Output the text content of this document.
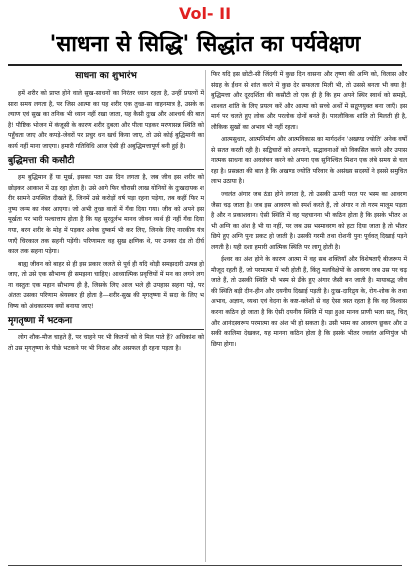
Vol- II
'साधना से सिद्धि' सिद्धांत का पर्यवेक्षण
साधना का शुभारंभ

हमें शरीर को प्राप्त होने वाले सुख-साधनों का निरंतर ध्यान रहता है, उन्हीं प्रयत्नों में सारा समय लगता है, पर जिस आत्मा का यह शरीर एक तुच्छ-सा वाहनमात्र है, उसके कल्याण एवं सुख का तनिक भी ध्यान नहीं रखा जाता, यह कैसी दुःख और आश्चर्य की बात है! पौष्टिक भोजन में कंजूसी के कारण शरीर दुबला और पीला पड़कर मरणासन्न स्थिति को पहुँचता जाए और कपड़े-जेवरों पर प्रचुर धन खर्च किया जाए, तो उसे कोई बुद्धिमानी का कार्य नहीं माना जाएगा। हमारी गतिविधि आज ऐसी ही अबुद्धिमत्तापूर्ण बनी हुई है।

बुद्धिमत्ता की कसौटी

हम बुद्धिमान हैं या मूर्ख, इसका पता उस दिन लगता है, जब जीव इस शरीर को छोड़कर आकाश में उड़ रहा होता है। उसे आगे फिर चौरासी लाख योनियों के दुःखदायक शरीर सामने उपस्थित दीखते हैं, जिनमें उसे करोड़ों वर्ष पड़ा रहना पड़ेगा, तब कहीं फिर मनुष्य जन्म का नंबर आएगा। जो अभी तुच्छ वातों में गँवा दिया गया। जीव को अपने इस मूर्खता पर भारी पश्चात्ताप होता है कि यह सुरदुर्लभ मानव जीवन व्यर्थ ही नहीं गँवा दिया गया, बरन शरीर के मोह में पड़कर अनेक दुष्कर्म भी कर लिए, जिनके लिए नारकीय यंत्रणाएँ चिरकाल तक सहनी पड़ेंगी। परिणामतः वह सुख क्षणिक थे, पर उनका दंड तो दीर्घकाल तक सहना पड़ेगा।

बाह्य जीवन को बाहर से ही इस प्रकार जलते से पूर्व ही यदि थोड़ी समझदारी उत्पन्न हो जाए, तो उसे एक सौभाग्य ही समझना चाहिए। आध्यात्मिक प्रवृत्तियों में मन का लगने लगना वस्तुतः एक महान सौभाग्य ही है, जिसके लिए आज भले ही उपहास सहना पड़े, पर अंततः उसका परिणाम श्रेयस्कर ही होता है—शरीर-सुख की मृगतृष्णा में सदा के लिए भविष्य को अंधकारमय क्यों बनाया जाए!

मृगतृष्णा में भटकना

लोग शौक-मौज चाहते हैं, पर चाहने पर भी कितनों को वे मिल पाते हैं? अधिकांश को तो उस मृगतृष्णा के पीछे भटकने पर भी निराश और असफल ही रहना पड़ता है।

फिर यदि इस छोटी-सी जिंदगी में कुछ दिन वासना और तृष्णा की अग्नि को, विलास और संग्रह के ईंधन से शांत करने में कुछ देर सफलता मिली भी, तो उससे बनता भी क्या है! बुद्धिमत्ता और दूरदर्शिता की कसौटी तो एक ही है कि हम अपने स्थिर स्वार्थ को समझें, शाश्वत शांति के लिए प्रयत्न करें और आत्मा को सच्चे अर्थों में सद्गुणयुक्त बना जाएँ। इस मार्ग पर चलते हुए लोक और परलोक दोनों बनते हैं। पारलौकिक शांति तो मिलती ही है, लौकिक सुखों का अभाव भी नहीं रहता।

आत्मसुधार, आत्मनिर्माण और आत्मविकास का मार्गदर्शन 'अखण्ड ज्योति' अनेक वर्षों से सतत करती रही है। सद्विचारों को अपनाने, सद्भावनाओं को विकसित करने और उपासनात्मक साधना का अवलंबन करने को अपना एक सुनिश्चित मिशन एक लंबे समय से चल रहा है। प्रसन्नता की बात है कि अखण्ड ज्योति परिवार के असंख्य सदस्यों ने इससे समुचित लाभ उठाया है।

ज्वलंत अंगार जब ठंडा होने लगता है, तो उसकी ऊपरी परत पर भस्म का आवरण जैसा चढ़ जाता है। जब इस आवरण को स्पर्श करते हैं, तो अंगार न तो गरम मालूम पड़ता है और न प्रकाशवान। ऐसी स्थिति में वह पहचानना भी कठिन होता है कि इसके भीतर अभी अग्नि का अंश है भी या नहीं, पर जब उस भस्मावरण को हटा दिया जाता है तो भीतर छिपे हुए अग्नि पुनः प्रकट हो जाती है। उसकी गरमी तथा रोशनी पुनः पूर्ववत् दिखाई पड़ने लगती है। यही दशा हमारी आत्मिक स्थिति पर लागू होती है।

ईश्वर का अंश होने के कारण आत्मा में वह सब शक्तियाँ और विशेषताएँ बीजरूप में मौजूद रहती हैं, जो परमात्मा में भरी होती हैं, किंतु मलविक्षेपों के आवरण जब उस पर चढ़ जाते हैं, तो उसकी स्थिति भी भस्म से ढँके हुए अंगार जैसी बन जाती है। मायाबद्ध जीव की स्थिति बड़ी दीन-हीन और दयनीय दिखाई पड़ती है। दुःख-दारिद्र्य के, रोग-शोक के तथा अभाव, अज्ञान, व्यथा एवं वेदना के कष्ट-क्लेशों से वह ऐसा त्रस्त रहता है कि वह विश्वास करना कठिन हो जाता है कि ऐसी दयनीय स्थिति में पड़ा हुआ मानव प्राणी भला सत्, चित् और आनंदस्वरूप परमात्मा का अंश भी हो सकता है। उसी भस्म का आवरण छूकर और उसकी कालिमा देखकर, यह मानना कठिन होता है कि इसके भीतर ज्वलंत अग्निपुंज भी छिपा होगा।
